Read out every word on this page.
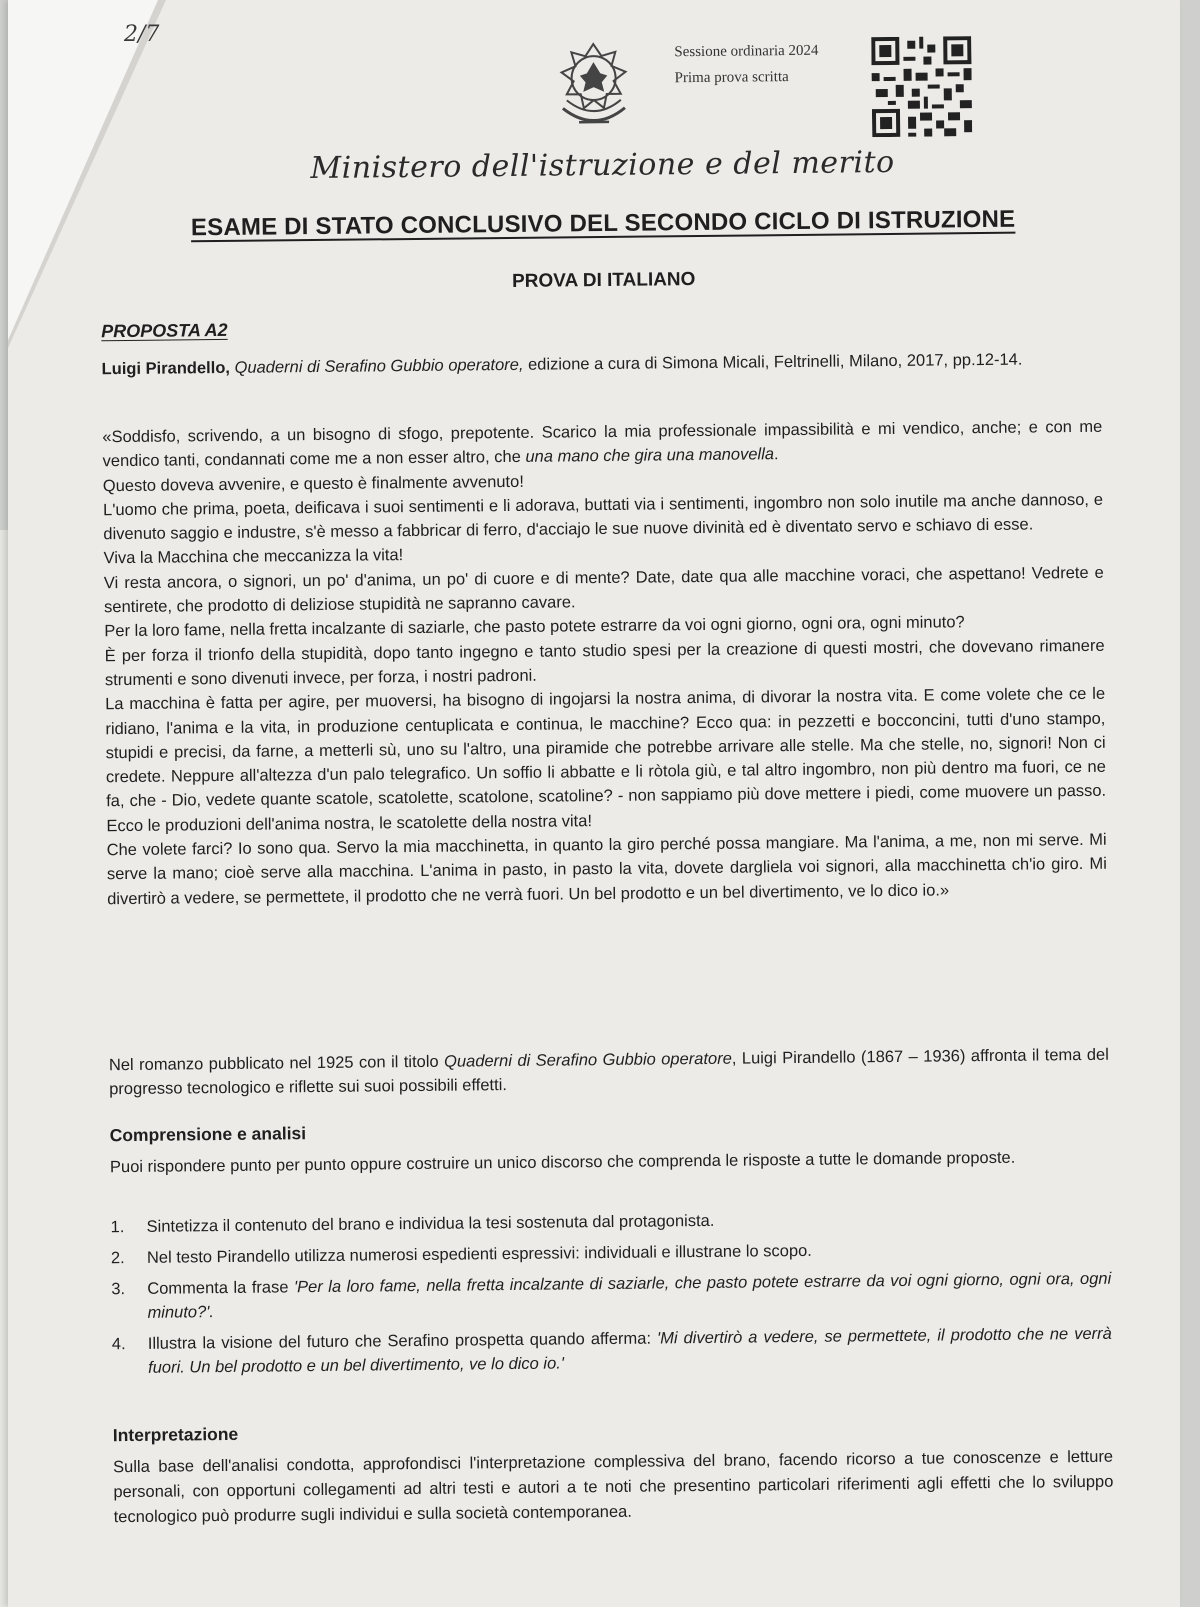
2/7
Sessione ordinaria 2024
Prima prova scritta
Ministero dell'istruzione e del merito
ESAME DI STATO CONCLUSIVO DEL SECONDO CICLO DI ISTRUZIONE
PROVA DI ITALIANO
PROPOSTA A2
Luigi Pirandello, Quaderni di Serafino Gubbio operatore, edizione a cura di Simona Micali, Feltrinelli, Milano, 2017, pp.12-14.

«Soddisfo, scrivendo, a un bisogno di sfogo, prepotente. Scarico la mia professionale impassibilità e mi vendico, anche; e con me vendico tanti, condannati come me a non esser altro, che una mano che gira una manovella.

Questo doveva avvenire, e questo è finalmente avvenuto!

L'uomo che prima, poeta, deificava i suoi sentimenti e li adorava, buttati via i sentimenti, ingombro non solo inutile ma anche dannoso, e divenuto saggio e industre, s'è messo a fabbricar di ferro, d'acciajo le sue nuove divinità ed è diventato servo e schiavo di esse.

Viva la Macchina che meccanizza la vita!

Vi resta ancora, o signori, un po' d'anima, un po' di cuore e di mente? Date, date qua alle macchine voraci, che aspettano! Vedrete e sentirete, che prodotto di deliziose stupidità ne sapranno cavare.

Per la loro fame, nella fretta incalzante di saziarle, che pasto potete estrarre da voi ogni giorno, ogni ora, ogni minuto?

È per forza il trionfo della stupidità, dopo tanto ingegno e tanto studio spesi per la creazione di questi mostri, che dovevano rimanere strumenti e sono divenuti invece, per forza, i nostri padroni.

La macchina è fatta per agire, per muoversi, ha bisogno di ingojarsi la nostra anima, di divorar la nostra vita. E come volete che ce le ridiano, l'anima e la vita, in produzione centuplicata e continua, le macchine? Ecco qua: in pezzetti e bocconcini, tutti d'uno stampo, stupidi e precisi, da farne, a metterli sù, uno su l'altro, una piramide che potrebbe arrivare alle stelle. Ma che stelle, no, signori! Non ci credete. Neppure all'altezza d'un palo telegrafico. Un soffio li abbatte e li ròtola giù, e tal altro ingombro, non più dentro ma fuori, ce ne fa, che - Dio, vedete quante scatole, scatolette, scatolone, scatoline? - non sappiamo più dove mettere i piedi, come muovere un passo. Ecco le produzioni dell'anima nostra, le scatolette della nostra vita!

Che volete farci? Io sono qua. Servo la mia macchinetta, in quanto la giro perché possa mangiare. Ma l'anima, a me, non mi serve. Mi serve la mano; cioè serve alla macchina. L'anima in pasto, in pasto la vita, dovete dargliela voi signori, alla macchinetta ch'io giro. Mi divertirò a vedere, se permettete, il prodotto che ne verrà fuori. Un bel prodotto e un bel divertimento, ve lo dico io.»

Nel romanzo pubblicato nel 1925 con il titolo Quaderni di Serafino Gubbio operatore, Luigi Pirandello (1867 – 1936) affronta il tema del progresso tecnologico e riflette sui suoi possibili effetti.
Comprensione e analisi
Puoi rispondere punto per punto oppure costruire un unico discorso che comprenda le risposte a tutte le domande proposte.
1. Sintetizza il contenuto del brano e individua la tesi sostenuta dal protagonista.
2. Nel testo Pirandello utilizza numerosi espedienti espressivi: individuali e illustrane lo scopo.
3. Commenta la frase 'Per la loro fame, nella fretta incalzante di saziarle, che pasto potete estrarre da voi ogni giorno, ogni ora, ogni minuto?'.
4. Illustra la visione del futuro che Serafino prospetta quando afferma: 'Mi divertirò a vedere, se permettete, il prodotto che ne verrà fuori. Un bel prodotto e un bel divertimento, ve lo dico io.'
Interpretazione
Sulla base dell'analisi condotta, approfondisci l'interpretazione complessiva del brano, facendo ricorso a tue conoscenze e letture personali, con opportuni collegamenti ad altri testi e autori a te noti che presentino particolari riferimenti agli effetti che lo sviluppo tecnologico può produrre sugli individui e sulla società contemporanea.
